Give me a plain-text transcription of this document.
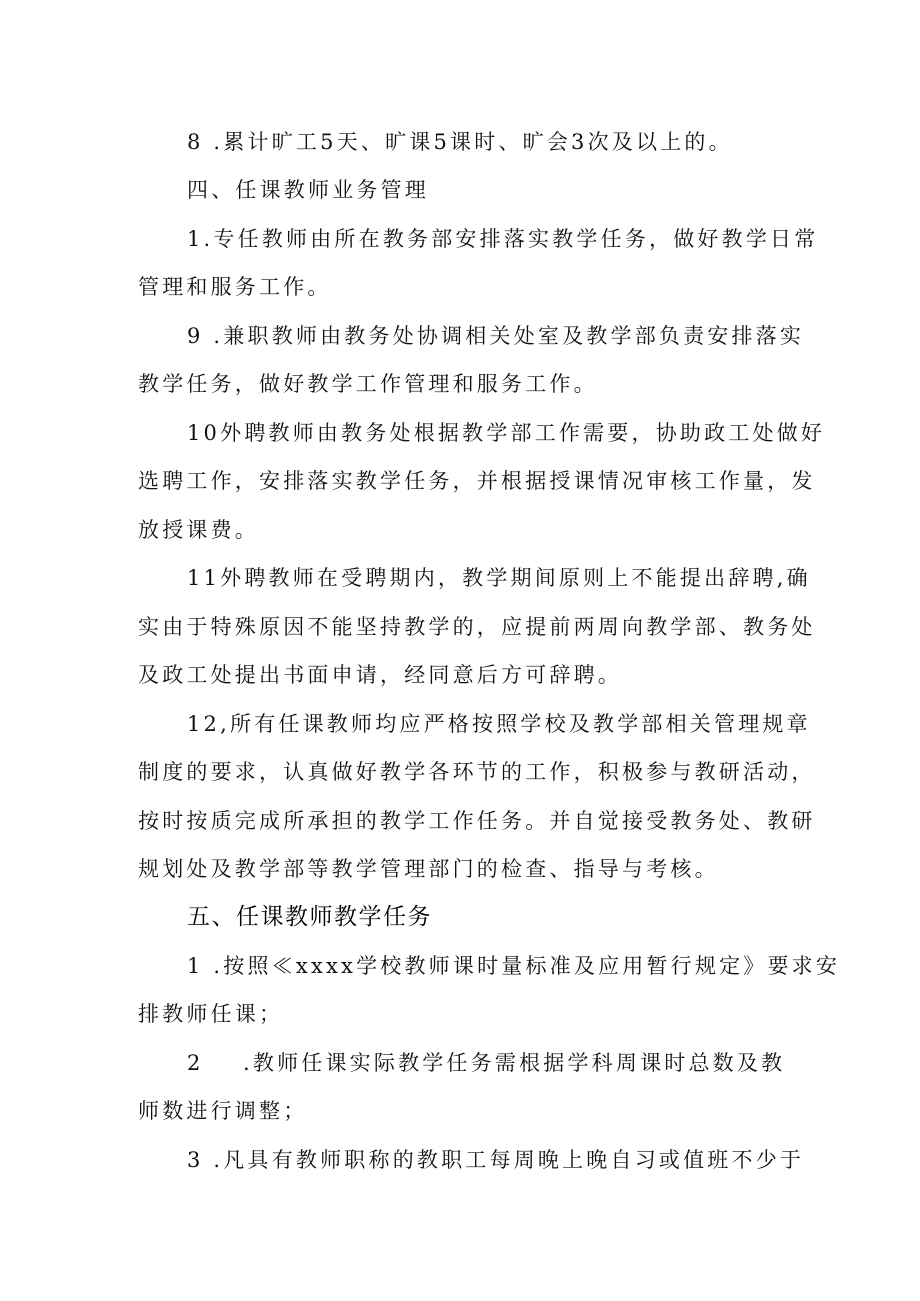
8 .累计旷工5天、旷课5课时、旷会3次及以上的。
四、任课教师业务管理
1.专任教师由所在教务部安排落实教学任务，做好教学日常
管理和服务工作。
9 .兼职教师由教务处协调相关处室及教学部负责安排落实
教学任务，做好教学工作管理和服务工作。
10外聘教师由教务处根据教学部工作需要，协助政工处做好
选聘工作，安排落实教学任务，并根据授课情况审核工作量，发
放授课费。
11外聘教师在受聘期内，教学期间原则上不能提出辞聘,确
实由于特殊原因不能坚持教学的，应提前两周向教学部、教务处
及政工处提出书面申请，经同意后方可辞聘。
12,所有任课教师均应严格按照学校及教学部相关管理规章
制度的要求，认真做好教学各环节的工作，积极参与教研活动，
按时按质完成所承担的教学工作任务。并自觉接受教务处、教研
规划处及教学部等教学管理部门的检查、指导与考核。
五、任课教师教学任务
1 .按照≪xxxx学校教师课时量标准及应用暂行规定》要求安
排教师任课；
2 .教师任课实际教学任务需根据学科周课时总数及教
师数进行调整；
3 .凡具有教师职称的教职工每周晚上晚自习或值班不少于
